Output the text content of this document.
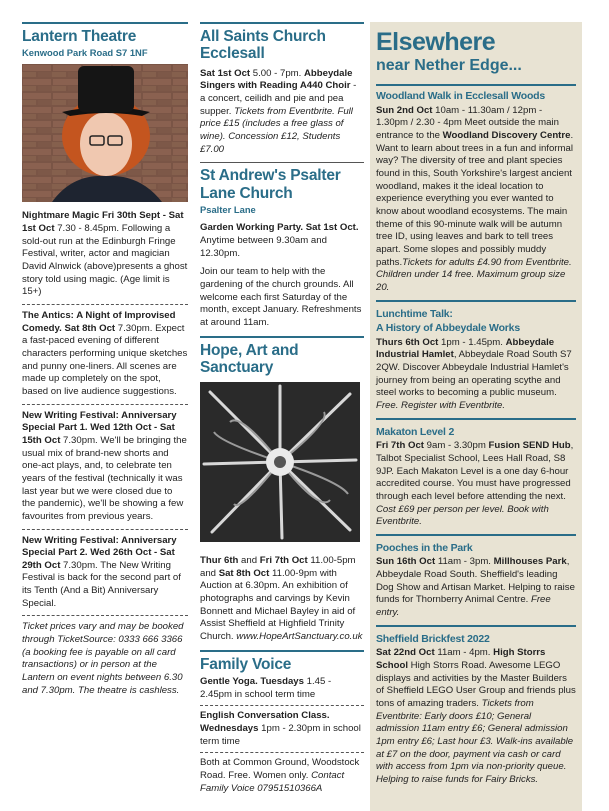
Lantern Theatre
Kenwood Park Road S7 1NF

Nightmare Magic Fri 30th Sept - Sat 1st Oct 7.30 - 8.45pm. Following a sold-out run at the Edinburgh Fringe Festival, writer, actor and magician David Alnwick (above)presents a ghost story told using magic. (Age limit is 15+)

The Antics: A Night of Improvised Comedy. Sat 8th Oct 7.30pm. Expect a fast-paced evening of different characters performing unique sketches and punny one-liners. All scenes are made up completely on the spot, based on live audience suggestions.

New Writing Festival: Anniversary Special Part 1. Wed 12th Oct - Sat 15th Oct 7.30pm. We'll be bringing the usual mix of brand-new shorts and one-act plays, and, to celebrate ten years of the festival (technically it was last year but we were closed due to the pandemic), we'll be showing a few favourites from previous years.

New Writing Festival: Anniversary Special Part 2. Wed 26th Oct - Sat 29th Oct 7.30pm. The New Writing Festival is back for the second part of its Tenth (And a Bit) Anniversary Special.

Ticket prices vary and may be booked through TicketSource: 0333 666 3366 (a booking fee is payable on all card transactions) or in person at the Lantern on event nights between 6.30 and 7.30pm. The theatre is cashless.

All Saints Church Ecclesall

Sat 1st Oct 5.00 - 7pm. Abbeydale Singers with Reading A440 Choir - a concert, ceilidh and pie and pea supper. Tickets from Eventbrite. Full price £15 (includes a free glass of wine). Concession £12, Students £7.00

St Andrew's Psalter Lane Church
Psalter Lane

Garden Working Party. Sat 1st Oct. Anytime between 9.30am and 12.30pm.

Join our team to help with the gardening of the church grounds. All welcome each first Saturday of the month, except January. Refreshments at around 11am.

Hope, Art and Sanctuary

Thur 6th and Fri 7th Oct 11.00-5pm and Sat 8th Oct 11.00-9pm with Auction at 6.30pm. An exhibition of photographs and carvings by Kevin Bonnett and Michael Bayley in aid of Assist Sheffield at Highfield Trinity Church. www.HopeArtSanctuary.co.uk

Family Voice

Gentle Yoga. Tuesdays 1.45 - 2.45pm in school term time

English Conversation Class. Wednesdays 1pm - 2.30pm in school term time

Both at Common Ground, Woodstock Road. Free. Women only. Contact Family Voice 07951510366A

Elsewhere
near Nether Edge...
Woodland Walk in Ecclesall Woods

Sun 2nd Oct 10am - 11.30am / 12pm - 1.30pm / 2.30 - 4pm Meet outside the main entrance to the Woodland Discovery Centre. Want to learn about trees in a fun and informal way? The diversity of tree and plant species found in this, South Yorkshire's largest ancient woodland, makes it the ideal location to experience everything you ever wanted to know about woodland ecosystems. The main theme of this 90-minute walk will be autumn tree ID, using leaves and bark to tell trees apart. Some slopes and possibly muddy paths.Tickets for adults £4.90 from Eventbrite. Children under 14 free. Maximum group size 20.

Lunchtime Talk:
A History of Abbeydale Works

Thurs 6th Oct 1pm - 1.45pm. Abbeydale Industrial Hamlet, Abbeydale Road South S7 2QW. Discover Abbeydale Industrial Hamlet's journey from being an operating scythe and steel works to becoming a public museum. Free. Register with Eventbrite.

Makaton Level 2

Fri 7th Oct 9am - 3.30pm Fusion SEND Hub, Talbot Specialist School, Lees Hall Road, S8 9JP. Each Makaton Level is a one day 6-hour accredited course. You must have progressed through each level before attending the next. Cost £69 per person per level. Book with Eventbrite.

Pooches in the Park

Sun 16th Oct 11am - 3pm. Millhouses Park, Abbeydale Road South. Sheffield's leading Dog Show and Artisan Market. Helping to raise funds for Thornberry Animal Centre. Free entry.

Sheffield Brickfest 2022

Sat 22nd Oct 11am - 4pm. High Storrs School High Storrs Road. Awesome LEGO displays and activities by the Master Builders of Sheffield LEGO User Group and friends plus tons of amazing traders. Tickets from Eventbrite: Early doors £10; General admission 11am entry £6; General admission 1pm entry £6; Last hour £3. Walk-ins available at £7 on the door, payment via cash or card with access from 1pm via non-priority queue. Helping to raise funds for Fairy Bricks.
